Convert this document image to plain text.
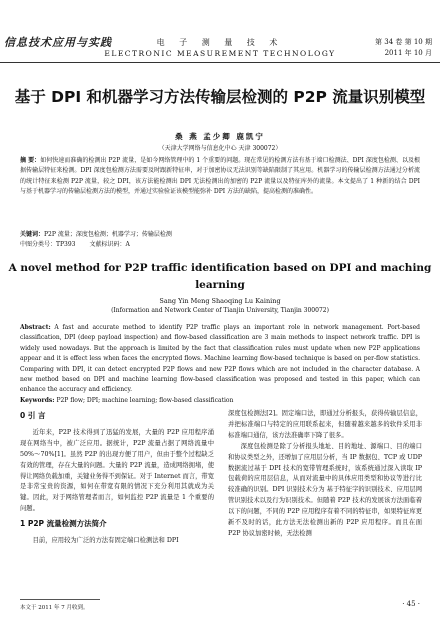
信息技术应用与实践	电 子 测 量 技 术
ELECTRONIC MEASUREMENT TECHNOLOGY
第 34 卷 第 10 期
2011 年 10 月
基于 DPI 和机器学习方法传输层检测的 P2P 流量识别模型
桑 燕 孟少卿 鹿凯宁
（天津大学网络与信息化中心 天津 300072）
摘 要：如何快速而准确的检测出 P2P 流量，是如今网络管理中的 1 个重要的问题。现在常见的检测方法有基于端口检测法、DPI 深度包检测、以及根据传输层特征来检测。DPI 深度包检测方法需要及时跟新特征串，对于加密协议无法识别等缺陷限制了其应用。机器学习的传输层检测方法通过分析流的统计特征来检测 P2P 流量，较之 DPI，该方法能检测出 DPI 无法检测出的加密的 P2P 流量以及特征库外的流量。本文提出了 1 种新的结合 DPI 与基于机器学习的传输层检测方法的模型，并通过实验验证该模型能弥补 DPI 方法的缺陷，提高检测的准确性。
关键词：P2P 流量；深度包检测；机器学习；传输层检测
中图分类号：TP393 文献标识码：A
A novel method for P2P traffic identification based on DPI and maching learning
Sang Yin Meng Shaoqing Lu Kaining
(Information and Network Center of Tianjin University, Tianjin 300072)
Abstract: A fast and accurate method to identify P2P traffic plays an important role in network management. Port-based classification, DPI (deep payload inspection) and flow-based classification are 3 main methods to inspect network traffic. DPI is widely used nowadays. But the approach is limited by the fact that classification rules must update when new P2P applications appear and it is effect less when faces the encrypted flows. Machine learning flow-based technique is based on per-flow statistics. Comparing with DPI, it can detect encrypted P2P flows and new P2P flows which are not included in the character database. A new method based on DPI and machine learning flow-based classification was proposed and tested in this paper, which can enhance the accuracy and efficiency.
Keywords: P2P flow; DPI; machine learning; flow-based classification
0 引 言

近年来，P2P 技术得到了迅猛的发展，大量的 P2P 应用程序涌现在网络当中，被广泛应用。据统计，P2P 流量占据了网络流量中 50%～70%[1]。虽然 P2P 的出现方便了用户，但由于整个过程缺乏有效的管理，存在大量的问题。大量的 P2P 流量，造成网络拥堵，使得让网络负载加重，关键业务得不到保证。对于 Internet 而言，带宽是非常宝贵的资源，如何在带宽有限的情况下充分利用其就成为关键。因此，对于网络管理者而言，如何监控 P2P 流量是 1 个重要的问题。

1 P2P 流量检测方法简介

目前，应用较为广泛的方法有固定端口检测法和 DPI

深度包检测法[2]。固定端口法，即通过分析报头，获得传输层信息，并把标准端口与特定的应用联系起来，但随着越来越多的软件采用非标准端口通信，该方法准确率下降了很多。

深度包检测是除了分析报头地址、目的地址、源端口、目的端口和协议类型之外，还增加了应用层分析，当 IP 数据包、TCP 或 UDP 数据流过基于 DPI 技术的宽带管理系统时，该系统通过深入读取 IP 包载荷的应用层信息，从而对流量中的具体应用类型和协议等进行比较准确的识别。DPI 识别技术分为 基于特征字的识别技术、应用层网管识别技术以及行为识别技术。但随着 P2P 技术的发展该方法面临着以下的问题，不同的 P2P 应用程序有着不同的特征串，如果特征库更新不及时的话，此方法无法检测出新的 P2P 应用程序。而且在面 P2P 协议加密时候，无法检测

本文于 2011 年 7 月收到。	· 45 ·
